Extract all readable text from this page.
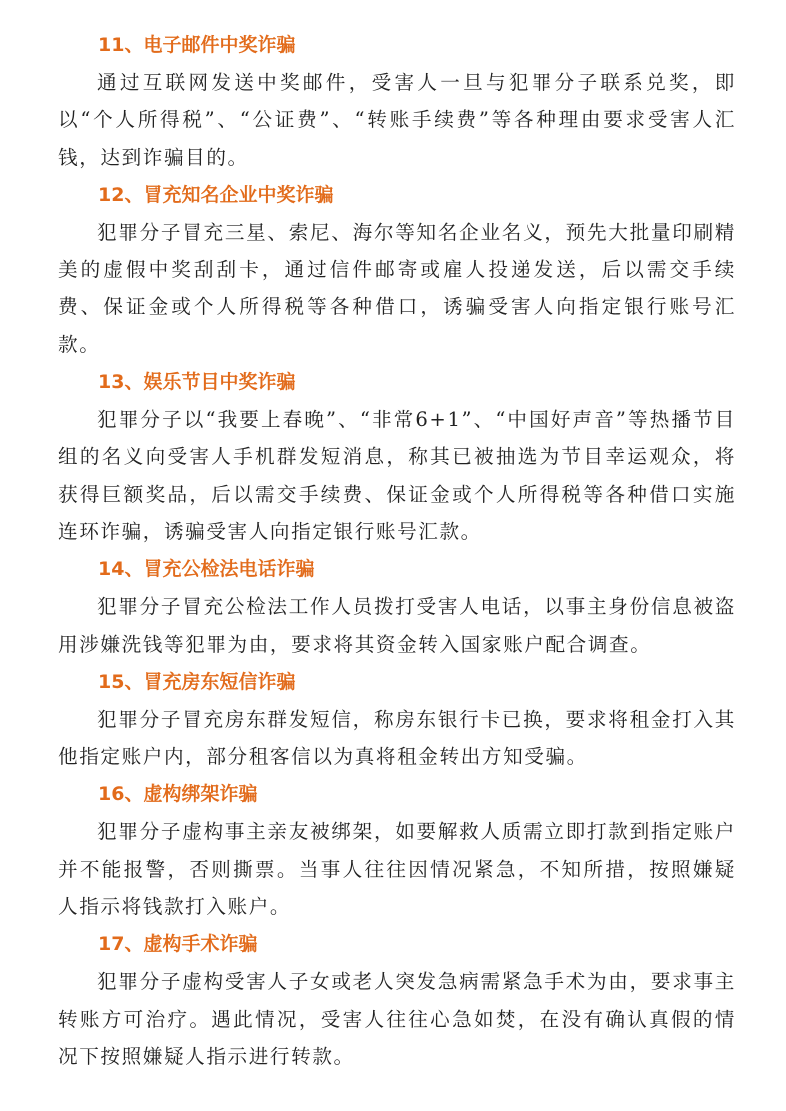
11、电子邮件中奖诈骗

通过互联网发送中奖邮件，受害人一旦与犯罪分子联系兑奖，即以“个人所得税”、“公证费”、“转账手续费”等各种理由要求受害人汇钱，达到诈骗目的。

12、冒充知名企业中奖诈骗

犯罪分子冒充三星、索尼、海尔等知名企业名义，预先大批量印刷精美的虚假中奖刮刮卡，通过信件邮寄或雇人投递发送，后以需交手续费、保证金或个人所得税等各种借口，诱骗受害人向指定银行账号汇款。

13、娱乐节目中奖诈骗

犯罪分子以“我要上春晚”、“非常6+1”、“中国好声音”等热播节目组的名义向受害人手机群发短消息，称其已被抽选为节目幸运观众，将获得巨额奖品，后以需交手续费、保证金或个人所得税等各种借口实施连环诈骗，诱骗受害人向指定银行账号汇款。

14、冒充公检法电话诈骗

犯罪分子冒充公检法工作人员拨打受害人电话，以事主身份信息被盗用涉嫌洗钱等犯罪为由，要求将其资金转入国家账户配合调查。

15、冒充房东短信诈骗

犯罪分子冒充房东群发短信，称房东银行卡已换，要求将租金打入其他指定账户内，部分租客信以为真将租金转出方知受骗。

16、虚构绑架诈骗

犯罪分子虚构事主亲友被绑架，如要解救人质需立即打款到指定账户并不能报警，否则撕票。当事人往往因情况紧急，不知所措，按照嫌疑人指示将钱款打入账户。

17、虚构手术诈骗

犯罪分子虚构受害人子女或老人突发急病需紧急手术为由，要求事主转账方可治疗。遇此情况，受害人往往心急如焚，在没有确认真假的情况下按照嫌疑人指示进行转款。
